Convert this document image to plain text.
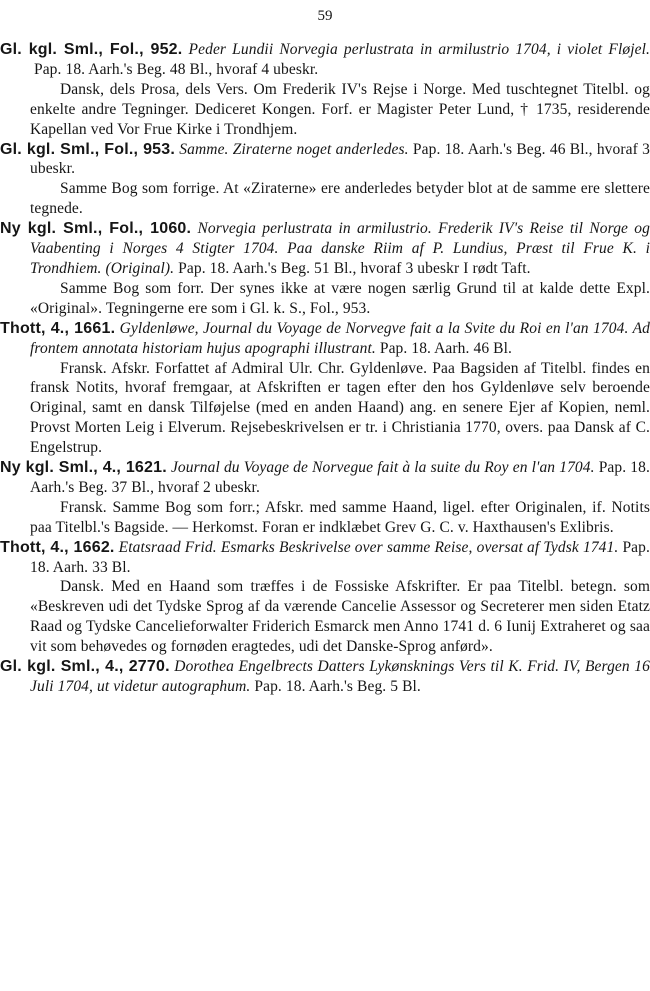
59

Gl. kgl. Sml., Fol., 952. Peder Lundii Norvegia perlustrata in armilustrio 1704, i violet Fløjel. Pap. 18. Aarh.'s Beg. 48 Bl., hvoraf 4 ubeskr.

Dansk, dels Prosa, dels Vers. Om Frederik IV's Rejse i Norge. Med tuschtegnet Titelbl. og enkelte andre Tegninger. Dediceret Kongen. Forf. er Magister Peter Lund, † 1735, residerende Kapellan ved Vor Frue Kirke i Trondhjem.

Gl. kgl. Sml., Fol., 953. Samme. Ziraterne noget anderledes. Pap. 18. Aarh.'s Beg. 46 Bl., hvoraf 3 ubeskr.

Samme Bog som forrige. At «Ziraterne» ere anderledes betyder blot at de samme ere slettere tegnede.

Ny kgl. Sml., Fol., 1060. Norvegia perlustrata in armilustrio. Frederik IV's Reise til Norge og Vaabenting i Norges 4 Stigter 1704. Paa danske Riim af P. Lundius, Præst til Frue K. i Trondhiem. (Original). Pap. 18. Aarh.'s Beg. 51 Bl., hvoraf 3 ubeskr I rødt Taft.

Samme Bog som forr. Der synes ikke at være nogen særlig Grund til at kalde dette Expl. «Original». Tegningerne ere som i Gl. k. S., Fol., 953.

Thott, 4., 1661. Gyldenløwe, Journal du Voyage de Norvegve fait a la Svite du Roi en l'an 1704. Ad frontem annotata historiam hujus apographi illustrant. Pap. 18. Aarh. 46 Bl.

Fransk. Afskr. Forfattet af Admiral Ulr. Chr. Gyldenløve. Paa Bagsiden af Titelbl. findes en fransk Notits, hvoraf fremgaar, at Afskriften er tagen efter den hos Gyldenløve selv beroende Original, samt en dansk Tilføjelse (med en anden Haand) ang. en senere Ejer af Kopien, neml. Provst Morten Leig i Elverum. Rejsebeskrivelsen er tr. i Christiania 1770, overs. paa Dansk af C. Engelstrup.

Ny kgl. Sml., 4., 1621. Journal du Voyage de Norvegue fait à la suite du Roy en l'an 1704. Pap. 18. Aarh.'s Beg. 37 Bl., hvoraf 2 ubeskr.

Fransk. Samme Bog som forr.; Afskr. med samme Haand, ligel. efter Originalen, if. Notits paa Titelbl.'s Bagside. — Herkomst. Foran er indklæbet Grev G. C. v. Haxthausen's Exlibris.

Thott, 4., 1662. Etatsraad Frid. Esmarks Beskrivelse over samme Reise, oversat af Tydsk 1741. Pap. 18. Aarh. 33 Bl.

Dansk. Med en Haand som træffes i de Fossiske Afskrifter. Er paa Titelbl. betegn. som «Beskreven udi det Tydske Sprog af da værende Cancelie Assessor og Secreterer men siden Etatz Raad og Tydske Cancelieforwalter Friderich Esmarck men Anno 1741 d. 6 Iunij Extraheret og saa vit som behøvedes og fornøden eragtedes, udi det Danske-Sprog anførd».

Gl. kgl. Sml., 4., 2770. Dorothea Engelbrects Datters Lykønsknings Vers til K. Frid. IV, Bergen 16 Juli 1704, ut videtur autographum. Pap. 18. Aarh.'s Beg. 5 Bl.
